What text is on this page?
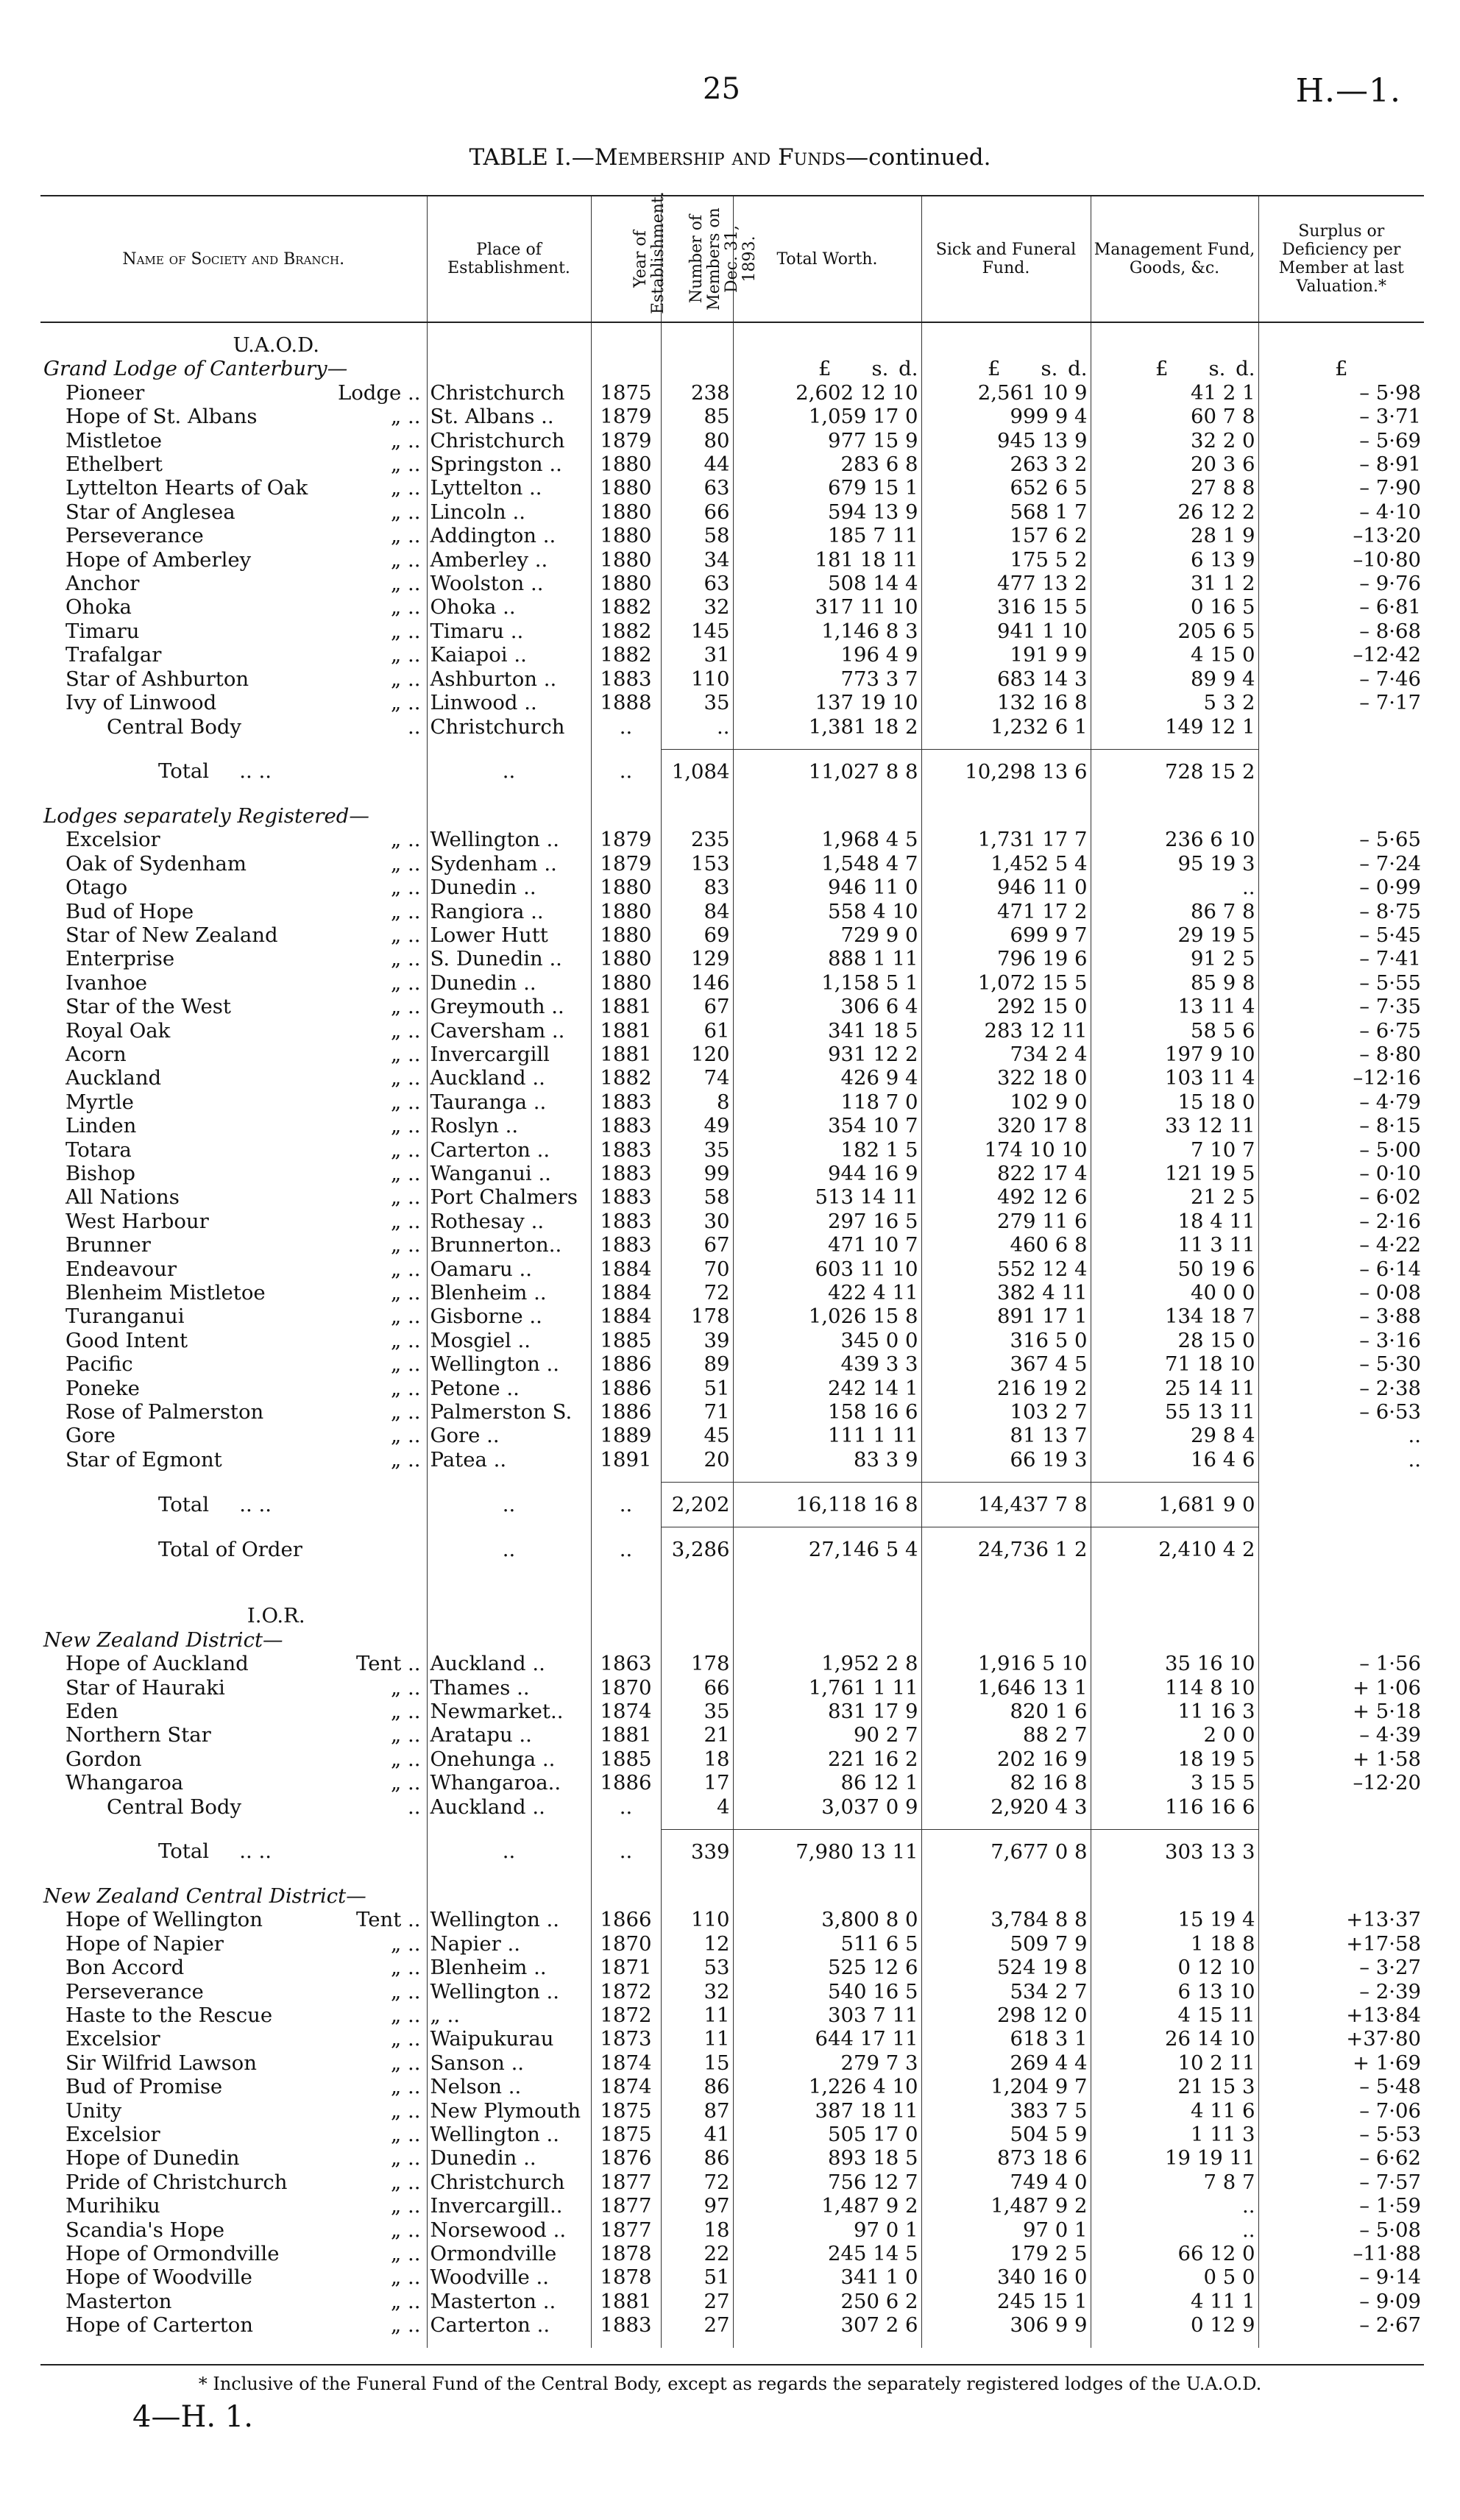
25	H.—1.
TABLE I.—Membership and Funds—continued.
Name of Society and Branch.	Place of Establishment.	Year of Establishment.	Number of Members on Dec. 31, 1893.	Total Worth.	Sick and Funeral Fund.	Management Fund, Goods, &c.	Surplus or Deficiency per Member at last Valuation.*

U.A.O.D.							
Grand Lodge of Canterbury—				£    s.  d.	£    s.  d.	£    s.  d.	£

Pioneer Lodge ..	Christchurch	1875	238	2,602 12 10	2,561 10 9	41 2 1	– 5·98

Hope of St. Albans „ ..	St. Albans ..	1879	85	1,059 17 0	999 9 4	60 7 8	– 3·71

Mistletoe „ ..	Christchurch	1879	80	977 15 9	945 13 9	32 2 0	– 5·69

Ethelbert „ ..	Springston ..	1880	44	283 6 8	263 3 2	20 3 6	– 8·91

Lyttelton Hearts of Oak „ ..	Lyttelton ..	1880	63	679 15 1	652 6 5	27 8 8	– 7·90

Star of Anglesea „ ..	Lincoln ..	1880	66	594 13 9	568 1 7	26 12 2	– 4·10

Perseverance „ ..	Addington ..	1880	58	185 7 11	157 6 2	28 1 9	–13·20

Hope of Amberley „ ..	Amberley ..	1880	34	181 18 11	175 5 2	6 13 9	–10·80

Anchor „ ..	Woolston ..	1880	63	508 14 4	477 13 2	31 1 2	– 9·76

Ohoka „ ..	Ohoka ..	1882	32	317 11 10	316 15 5	0 16 5	– 6·81

Timaru „ ..	Timaru ..	1882	145	1,146 8 3	941 1 10	205 6 5	– 8·68

Trafalgar „ ..	Kaiapoi ..	1882	31	196 4 9	191 9 9	4 15 0	–12·42

Star of Ashburton „ ..	Ashburton ..	1883	110	773 3 7	683 14 3	89 9 4	– 7·46

Ivy of Linwood „ ..	Linwood ..	1888	35	137 19 10	132 16 8	5 3 2	– 7·17

Central Body ..	Christchurch	..	..	1,381 18 2	1,232 6 1	149 12 1	

Total   .. ..	..	..	1,084	11,027 8 8	10,298 13 6	728 15 2	

Lodges separately Registered—							

Excelsior „ ..	Wellington ..	1879	235	1,968 4 5	1,731 17 7	236 6 10	– 5·65

Oak of Sydenham „ ..	Sydenham ..	1879	153	1,548 4 7	1,452 5 4	95 19 3	– 7·24

Otago „ ..	Dunedin ..	1880	83	946 11 0	946 11 0	..	– 0·99

Bud of Hope „ ..	Rangiora ..	1880	84	558 4 10	471 17 2	86 7 8	– 8·75

Star of New Zealand „ ..	Lower Hutt	1880	69	729 9 0	699 9 7	29 19 5	– 5·45

Enterprise „ ..	S. Dunedin ..	1880	129	888 1 11	796 19 6	91 2 5	– 7·41

Ivanhoe „ ..	Dunedin ..	1880	146	1,158 5 1	1,072 15 5	85 9 8	– 5·55

Star of the West „ ..	Greymouth ..	1881	67	306 6 4	292 15 0	13 11 4	– 7·35

Royal Oak „ ..	Caversham ..	1881	61	341 18 5	283 12 11	58 5 6	– 6·75

Acorn „ ..	Invercargill	1881	120	931 12 2	734 2 4	197 9 10	– 8·80

Auckland „ ..	Auckland ..	1882	74	426 9 4	322 18 0	103 11 4	–12·16

Myrtle „ ..	Tauranga ..	1883	8	118 7 0	102 9 0	15 18 0	– 4·79

Linden „ ..	Roslyn ..	1883	49	354 10 7	320 17 8	33 12 11	– 8·15

Totara „ ..	Carterton ..	1883	35	182 1 5	174 10 10	7 10 7	– 5·00

Bishop „ ..	Wanganui ..	1883	99	944 16 9	822 17 4	121 19 5	– 0·10

All Nations „ ..	Port Chalmers	1883	58	513 14 11	492 12 6	21 2 5	– 6·02

West Harbour „ ..	Rothesay ..	1883	30	297 16 5	279 11 6	18 4 11	– 2·16

Brunner „ ..	Brunnerton..	1883	67	471 10 7	460 6 8	11 3 11	– 4·22

Endeavour „ ..	Oamaru ..	1884	70	603 11 10	552 12 4	50 19 6	– 6·14

Blenheim Mistletoe „ ..	Blenheim ..	1884	72	422 4 11	382 4 11	40 0 0	– 0·08

Turanganui „ ..	Gisborne ..	1884	178	1,026 15 8	891 17 1	134 18 7	– 3·88

Good Intent „ ..	Mosgiel ..	1885	39	345 0 0	316 5 0	28 15 0	– 3·16

Pacific „ ..	Wellington ..	1886	89	439 3 3	367 4 5	71 18 10	– 5·30

Poneke „ ..	Petone ..	1886	51	242 14 1	216 19 2	25 14 11	– 2·38

Rose of Palmerston „ ..	Palmerston S.	1886	71	158 16 6	103 2 7	55 13 11	– 6·53

Gore „ ..	Gore ..	1889	45	111 1 11	81 13 7	29 8 4	..

Star of Egmont „ ..	Patea ..	1891	20	83 3 9	66 19 3	16 4 6	..

Total   .. ..	..	..	2,202	16,118 16 8	14,437 7 8	1,681 9 0	
Total of Order	..	..	3,286	27,146 5 4	24,736 1 2	2,410 4 2	

I.O.R.							
New Zealand District—							

Hope of Auckland Tent ..	Auckland ..	1863	178	1,952 2 8	1,916 5 10	35 16 10	– 1·56

Star of Hauraki „ ..	Thames ..	1870	66	1,761 1 11	1,646 13 1	114 8 10	+ 1·06

Eden „ ..	Newmarket..	1874	35	831 17 9	820 1 6	11 16 3	+ 5·18

Northern Star „ ..	Aratapu ..	1881	21	90 2 7	88 2 7	2 0 0	– 4·39

Gordon „ ..	Onehunga ..	1885	18	221 16 2	202 16 9	18 19 5	+ 1·58

Whangaroa „ ..	Whangaroa..	1886	17	86 12 1	82 16 8	3 15 5	–12·20

Central Body ..	Auckland ..	..	4	3,037 0 9	2,920 4 3	116 16 6	

Total   .. ..	..	..	339	7,980 13 11	7,677 0 8	303 13 3	

New Zealand Central District—							

Hope of Wellington Tent ..	Wellington ..	1866	110	3,800 8 0	3,784 8 8	15 19 4	+13·37

Hope of Napier „ ..	Napier ..	1870	12	511 6 5	509 7 9	1 18 8	+17·58

Bon Accord „ ..	Blenheim ..	1871	53	525 12 6	524 19 8	0 12 10	– 3·27

Perseverance „ ..	Wellington ..	1872	32	540 16 5	534 2 7	6 13 10	– 2·39

Haste to the Rescue „ ..	„ ..	1872	11	303 7 11	298 12 0	4 15 11	+13·84

Excelsior „ ..	Waipukurau	1873	11	644 17 11	618 3 1	26 14 10	+37·80

Sir Wilfrid Lawson „ ..	Sanson ..	1874	15	279 7 3	269 4 4	10 2 11	+ 1·69

Bud of Promise „ ..	Nelson ..	1874	86	1,226 4 10	1,204 9 7	21 15 3	– 5·48

Unity „ ..	New Plymouth	1875	87	387 18 11	383 7 5	4 11 6	– 7·06

Excelsior „ ..	Wellington ..	1875	41	505 17 0	504 5 9	1 11 3	– 5·53

Hope of Dunedin „ ..	Dunedin ..	1876	86	893 18 5	873 18 6	19 19 11	– 6·62

Pride of Christchurch „ ..	Christchurch	1877	72	756 12 7	749 4 0	7 8 7	– 7·57

Murihiku „ ..	Invercargill..	1877	97	1,487 9 2	1,487 9 2	..	– 1·59

Scandia's Hope „ ..	Norsewood ..	1877	18	97 0 1	97 0 1	..	– 5·08

Hope of Ormondville „ ..	Ormondville	1878	22	245 14 5	179 2 5	66 12 0	–11·88

Hope of Woodville „ ..	Woodville ..	1878	51	341 1 0	340 16 0	0 5 0	– 9·14

Masterton „ ..	Masterton ..	1881	27	250 6 2	245 15 1	4 11 1	– 9·09

Hope of Carterton „ ..	Carterton ..	1883	27	307 2 6	306 9 9	0 12 9	– 2·67

* Inclusive of the Funeral Fund of the Central Body, except as regards the separately registered lodges of the U.A.O.D.
4—H. 1.
